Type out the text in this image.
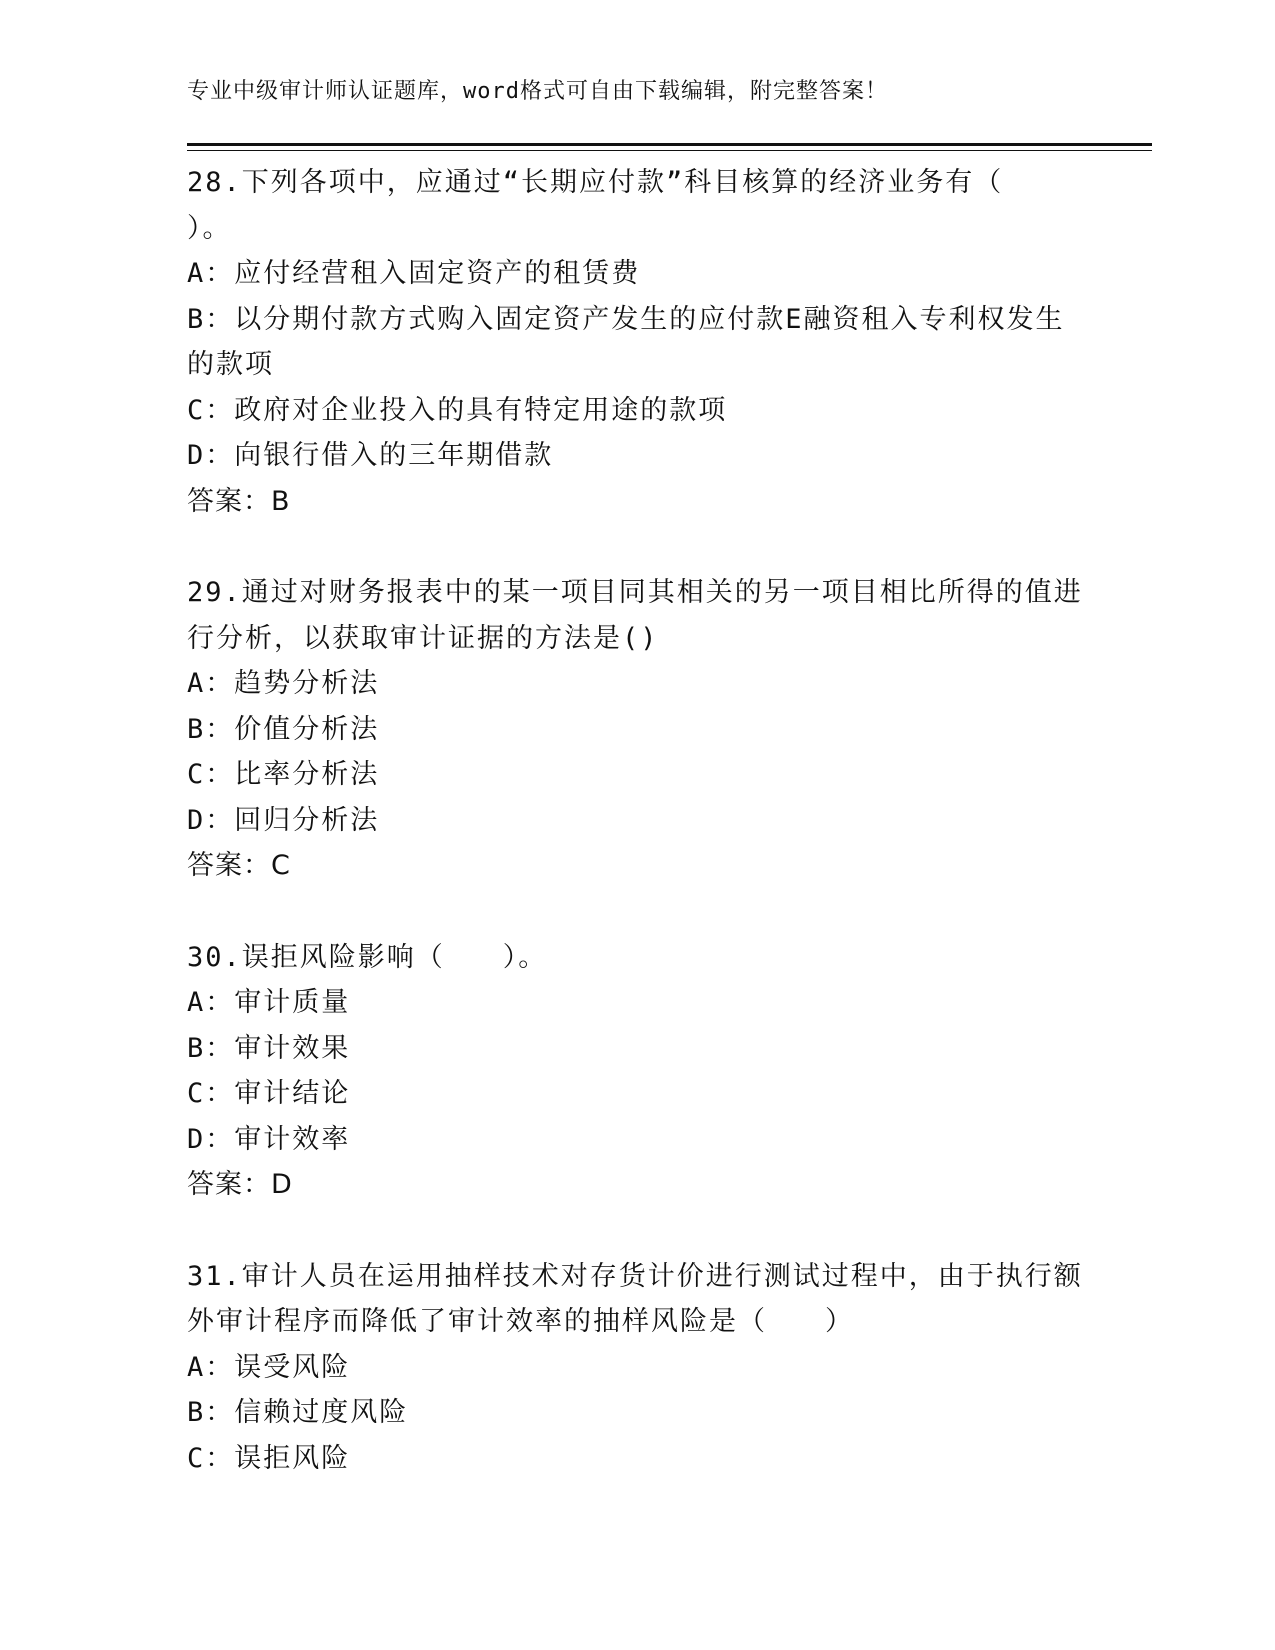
专业中级审计师认证题库，word格式可自由下载编辑，附完整答案！
28.下列各项中，应通过“长期应付款”科目核算的经济业务有（
）。
A：应付经营租入固定资产的租赁费
B：以分期付款方式购入固定资产发生的应付款E融资租入专利权发生
的款项
C：政府对企业投入的具有特定用途的款项
D：向银行借入的三年期借款
答案：B
29.通过对财务报表中的某一项目同其相关的另一项目相比所得的值进
行分析，以获取审计证据的方法是()
A：趋势分析法
B：价值分析法
C：比率分析法
D：回归分析法
答案：C
30.误拒风险影响（　　）。
A：审计质量
B：审计效果
C：审计结论
D：审计效率
答案：D
31.审计人员在运用抽样技术对存货计价进行测试过程中，由于执行额
外审计程序而降低了审计效率的抽样风险是（　　）
A：误受风险
B：信赖过度风险
C：误拒风险
